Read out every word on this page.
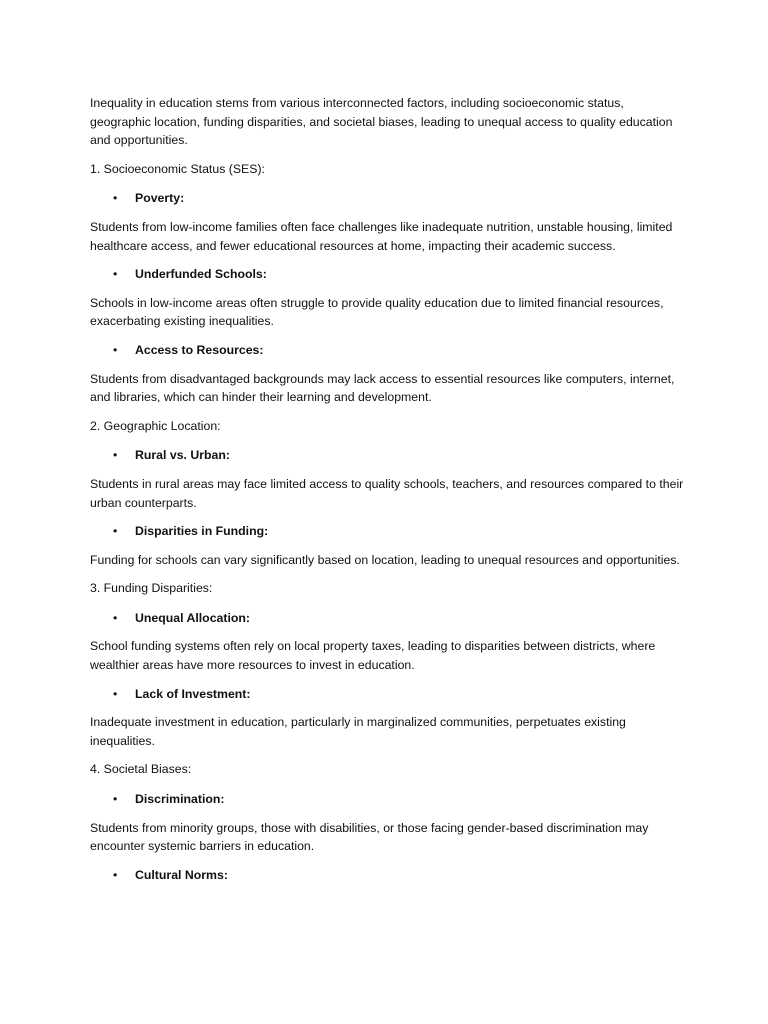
Inequality in education stems from various interconnected factors, including socioeconomic status, geographic location, funding disparities, and societal biases, leading to unequal access to quality education and opportunities.

1. Socioeconomic Status (SES):

• Poverty:

Students from low-income families often face challenges like inadequate nutrition, unstable housing, limited healthcare access, and fewer educational resources at home, impacting their academic success.

• Underfunded Schools:

Schools in low-income areas often struggle to provide quality education due to limited financial resources, exacerbating existing inequalities.

• Access to Resources:

Students from disadvantaged backgrounds may lack access to essential resources like computers, internet, and libraries, which can hinder their learning and development.

2. Geographic Location:

• Rural vs. Urban:

Students in rural areas may face limited access to quality schools, teachers, and resources compared to their urban counterparts.

• Disparities in Funding:

Funding for schools can vary significantly based on location, leading to unequal resources and opportunities.

3. Funding Disparities:

• Unequal Allocation:

School funding systems often rely on local property taxes, leading to disparities between districts, where wealthier areas have more resources to invest in education.

• Lack of Investment:

Inadequate investment in education, particularly in marginalized communities, perpetuates existing inequalities.

4. Societal Biases:

• Discrimination:

Students from minority groups, those with disabilities, or those facing gender-based discrimination may encounter systemic barriers in education.

• Cultural Norms:
